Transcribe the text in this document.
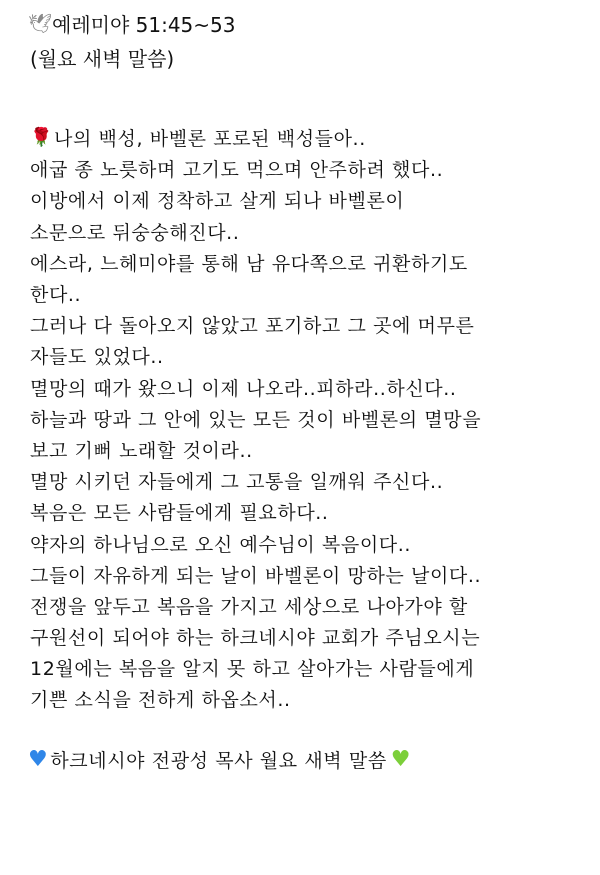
🕊 예레미야 51:45~53
(월요 새벽 말씀)
🌹 나의 백성, 바벨론 포로된 백성들아..
애굽 종 노릇하며 고기도 먹으며 안주하려 했다..
이방에서 이제 정착하고 살게 되나 바벨론이
소문으로 뒤숭숭해진다..
에스라, 느헤미야를 통해 남 유다쪽으로 귀환하기도
한다..
그러나 다 돌아오지 않았고 포기하고 그 곳에 머무른
자들도 있었다..
멸망의 때가 왔으니 이제 나오라..피하라..하신다..
하늘과 땅과 그 안에 있는 모든 것이 바벨론의 멸망을
보고 기뻐 노래할 것이라..
멸망 시키던 자들에게 그 고통을 일깨워 주신다..
복음은 모든 사람들에게 필요하다..
약자의 하나님으로 오신 예수님이 복음이다..
그들이 자유하게 되는 날이 바벨론이 망하는 날이다..
전쟁을 앞두고 복음을 가지고 세상으로 나아가야 할
구원선이 되어야 하는 하크네시야 교회가 주님오시는
12월에는 복음을 알지 못 하고 살아가는 사람들에게
기쁜 소식을 전하게 하옵소서..
♥ 하크네시야 전광성 목사 월요 새벽 말씀 ♥
